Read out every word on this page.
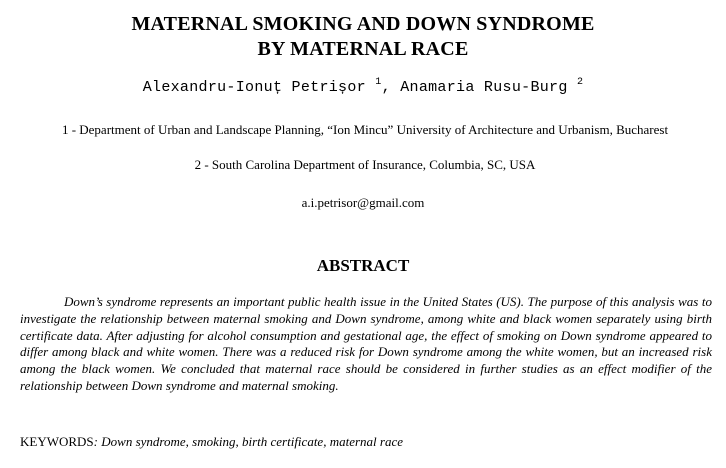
MATERNAL SMOKING AND DOWN SYNDROME
BY MATERNAL RACE
Alexandru-Ionuț Petrișor $^1$, Anamaria Rusu-Burg $^2$
1 - Department of Urban and Landscape Planning, “Ion Mincu” University of Architecture and Urbanism, Bucharest
2 - South Carolina Department of Insurance, Columbia, SC, USA
a.i.petrisor@gmail.com
ABSTRACT

Down’s syndrome represents an important public health issue in the United States (US). The purpose of this analysis was to investigate the relationship between maternal smoking and Down syndrome, among white and black women separately using birth certificate data. After adjusting for alcohol consumption and gestational age, the effect of smoking on Down syndrome appeared to differ among black and white women. There was a reduced risk for Down syndrome among the white women, but an increased risk among the black women. We concluded that maternal race should be considered in further studies as an effect modifier of the relationship between Down syndrome and maternal smoking.

KEYWORDS: Down syndrome, smoking, birth certificate, maternal race
